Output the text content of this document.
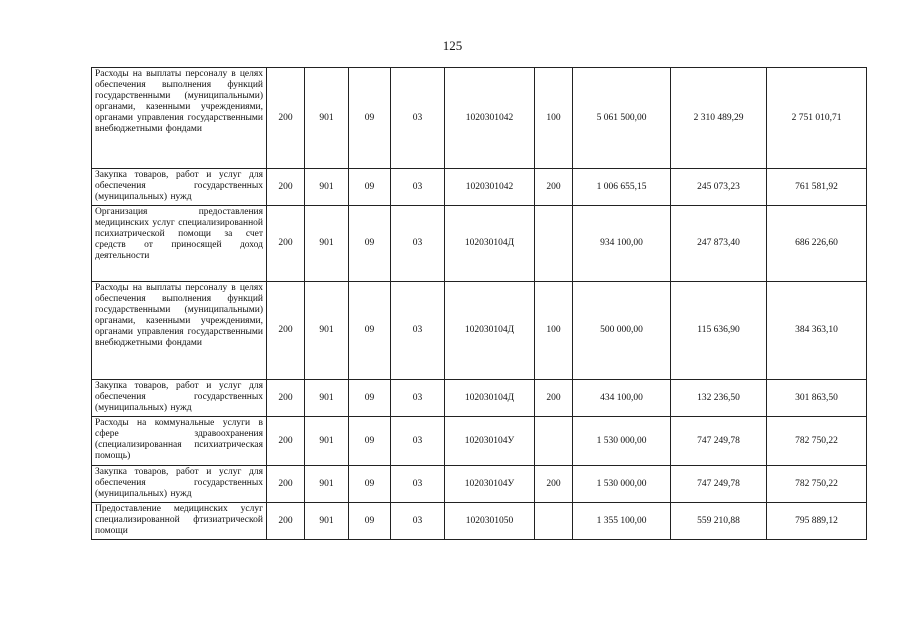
125
Расходы на выплаты персоналу в целях обеспечения выполнения функций государственными (муниципальными) органами, казенными учреждениями, органами управления государственными внебюджетными фондами	200	901	09	03	1020301042	100	5 061 500,00	2 310 489,29	2 751 010,71
Закупка товаров, работ и услуг для обеспечения государственных (муниципальных) нужд	200	901	09	03	1020301042	200	1 006 655,15	245 073,23	761 581,92
Организация предоставления медицинских услуг специализированной психиатрической помощи за счет средств от приносящей доход деятельности	200	901	09	03	102030104Д		934 100,00	247 873,40	686 226,60
Расходы на выплаты персоналу в целях обеспечения выполнения функций государственными (муниципальными) органами, казенными учреждениями, органами управления государственными внебюджетными фондами	200	901	09	03	102030104Д	100	500 000,00	115 636,90	384 363,10
Закупка товаров, работ и услуг для обеспечения государственных (муниципальных) нужд	200	901	09	03	102030104Д	200	434 100,00	132 236,50	301 863,50
Расходы на коммунальные услуги в сфере здравоохранения (специализированная психиатрическая помощь)	200	901	09	03	102030104У		1 530 000,00	747 249,78	782 750,22
Закупка товаров, работ и услуг для обеспечения государственных (муниципальных) нужд	200	901	09	03	102030104У	200	1 530 000,00	747 249,78	782 750,22
Предоставление медицинских услуг специализированной фтизиатрической помощи	200	901	09	03	1020301050		1 355 100,00	559 210,88	795 889,12
